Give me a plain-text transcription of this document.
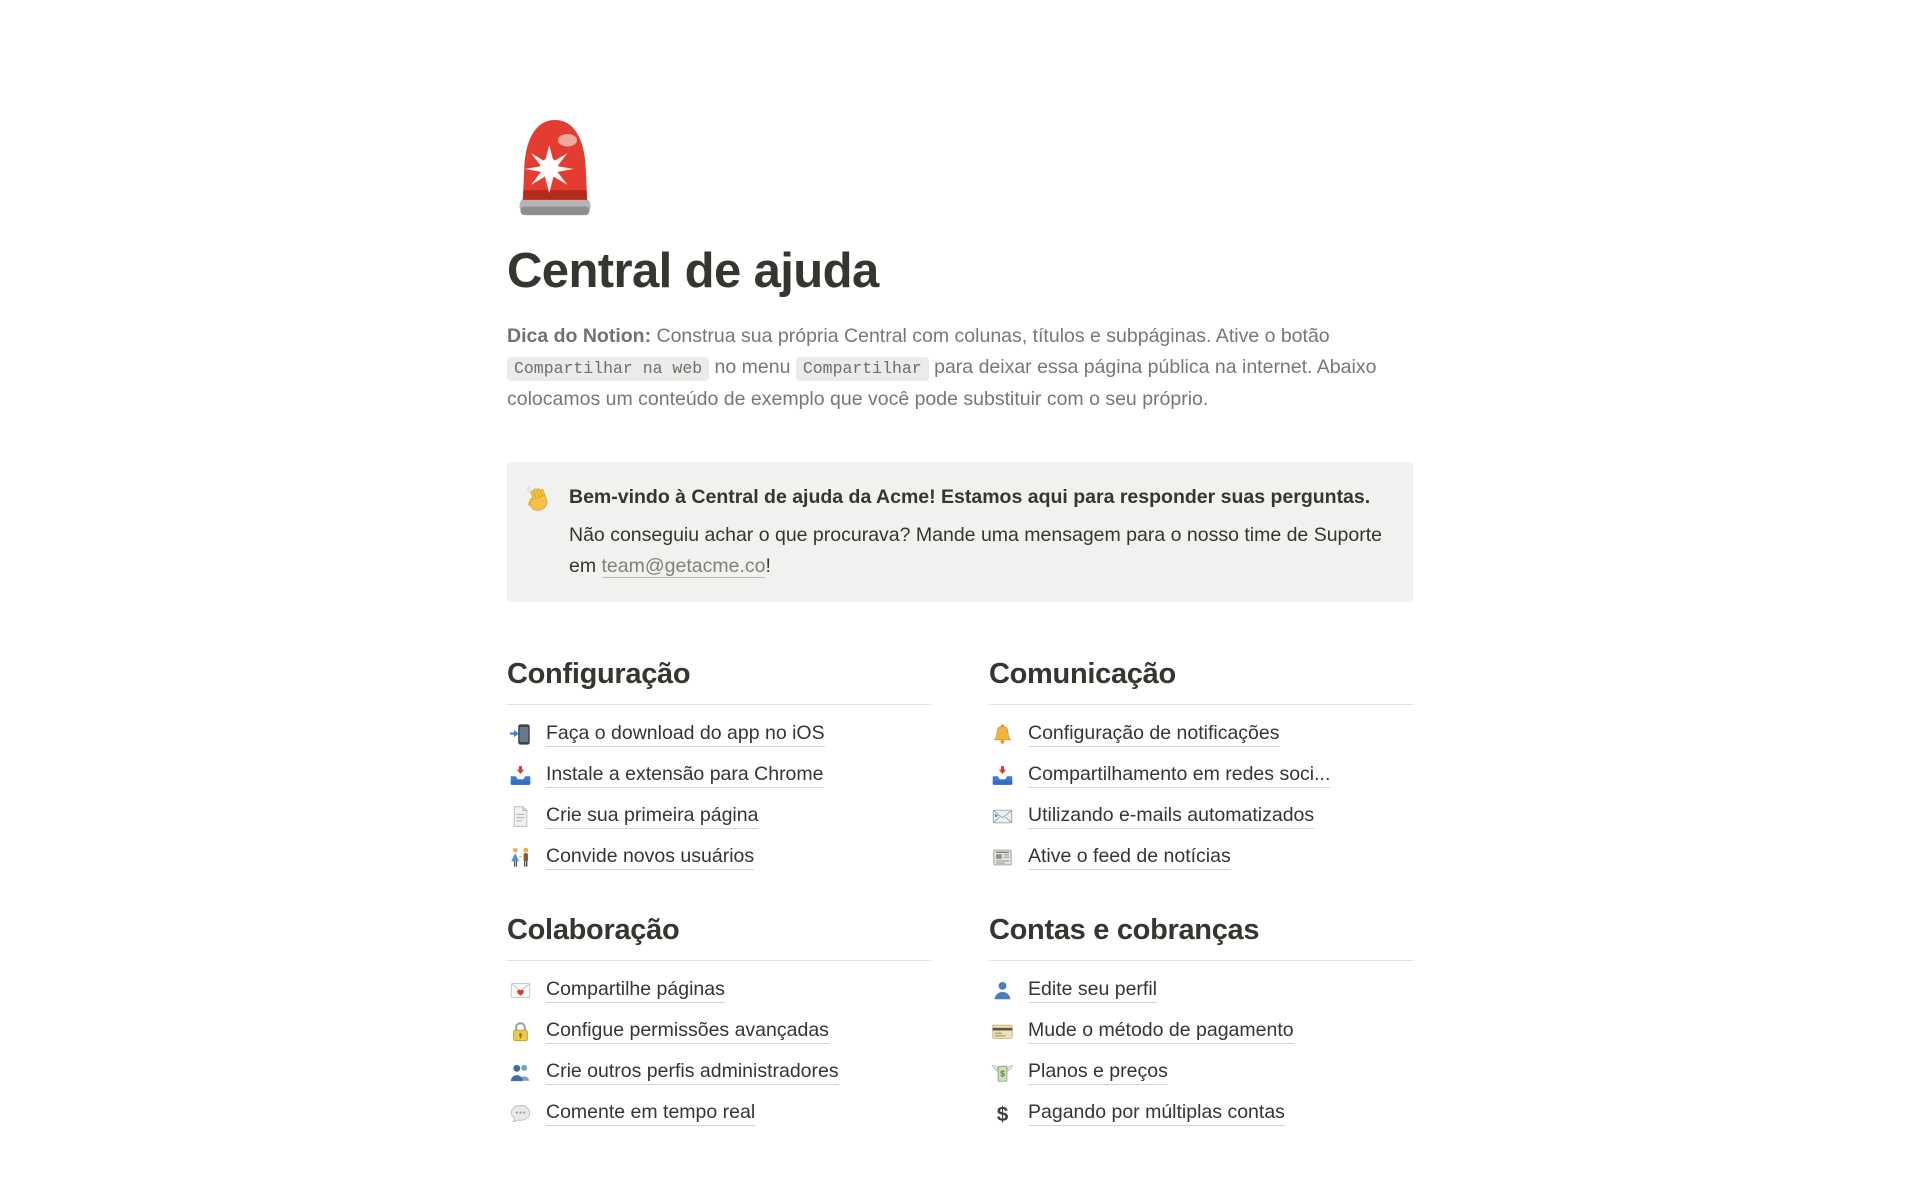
Central de ajuda

Dica do Notion: Construa sua própria Central com colunas, títulos e subpáginas. Ative o botão Compartilhar na web no menu Compartilhar para deixar essa página pública na internet. Abaixo colocamos um conteúdo de exemplo que você pode substituir com o seu próprio.

Bem-vindo à Central de ajuda da Acme! Estamos aqui para responder suas perguntas.

Não conseguiu achar o que procurava? Mande uma mensagem para o nosso time de Suporte em team@getacme.co!

Configuração
Faça o download do app no iOS
Instale a extensão para Chrome
Crie sua primeira página
Convide novos usuários
Colaboração
Compartilhe páginas
Configue permissões avançadas
Crie outros perfis administradores
Comente em tempo real
Comunicação
Configuração de notificações
Compartilhamento em redes soci...
Utilizando e-mails automatizados
Ative o feed de notícias
Contas e cobranças
Edite seu perfil
Mude o método de pagamento
Planos e preços
Pagando por múltiplas contas
